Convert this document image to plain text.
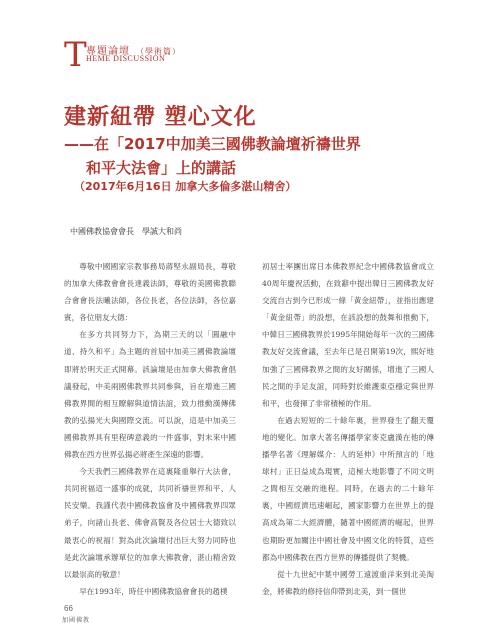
T 專題論壇 （學術篇）
HEME DISCUSSION
建新紐帶 塑心文化
——在「2017中加美三國佛教論壇祈禱世界
和平大法會」上的講話
（2017年6月16日 加拿大多倫多湛山精舍）
中國佛教協會會長　學誠大和尚

尊敬中國國家宗教事務局蔣堅永副局長，尊敬的加拿大佛教會會長達義法師，尊敬的美國佛教聯合會會長法曦法師，各位長老，各位法師，各位嘉賓，各位朋友大德：

在多方共同努力下，為期三天的以「圓融中道、持久和平」為主題的首屆中加美三國佛教論壇即將於明天正式開幕。該論壇是由加拿大佛教會倡議發起，中美兩國佛教界共同參與，旨在增進三國佛教界間的相互瞭解與道情法誼，致力推動漢傳佛教的弘揚光大與國際交流。可以說，這是中加美三國佛教界具有里程碑意義的一件盛事，對未來中國佛教在西方世界弘揚必將產生深遠的影響。

今天我們三國佛教界在這裏隆重舉行大法會，共同祝福這一盛事的成就，共同祈禱世界和平、人民安樂。我謹代表中國佛教協會及中國佛教界四眾弟子，向諸山長老、佛會高賢及各位居士大德致以最衷心的祝福！對為此次論壇付出巨大努力同時也是此次論壇承辦單位的加拿大佛教會，湛山精舍致以最崇高的敬意！

早在1993年，時任中國佛教協會會長的趙樸

初居士率團出席日本佛教界紀念中國佛教協會成立40周年慶祝活動，在致辭中提出韓日三國佛教友好交流自古到今已形成一條「黃金紐帶」，並指出應建「黃金紐帶」的設想，在該設想的鼓舞和推動下，中韓日三國佛教界於1995年開始每年一次的三國佛教友好交流會議，至去年已是召開第19次，熙好地加強了三國佛教界之間的友好關係，增進了三國人民之間的手足友誼，同時對於維護東亞穩定與世界和平，也發揮了非常積極的作用。

在過去短短的二十餘年裏，世界發生了翻天覆地的變化。加拿大著名傳播學家麥克盧漢在他的傳播學名著《理解媒介：人的延伸》中所預言的「地球村」正日益成為現實，這極大地影響了不同文明之間相互交融的進程。同時，在過去的二十餘年裏，中國經濟迅速崛起，國家影響力在世界上的提高成為第二大經濟體，隨著中國經濟的崛起，世界也期盼更加關注中國社會及中國文化的特質，這些都為中國佛教在西方世界的傳播提供了契機。

從十九世紀中葉中國勞工遠渡重洋來到北美淘金，將佛教的修持信仰帶到北美，到一個世

66
加國佛教
